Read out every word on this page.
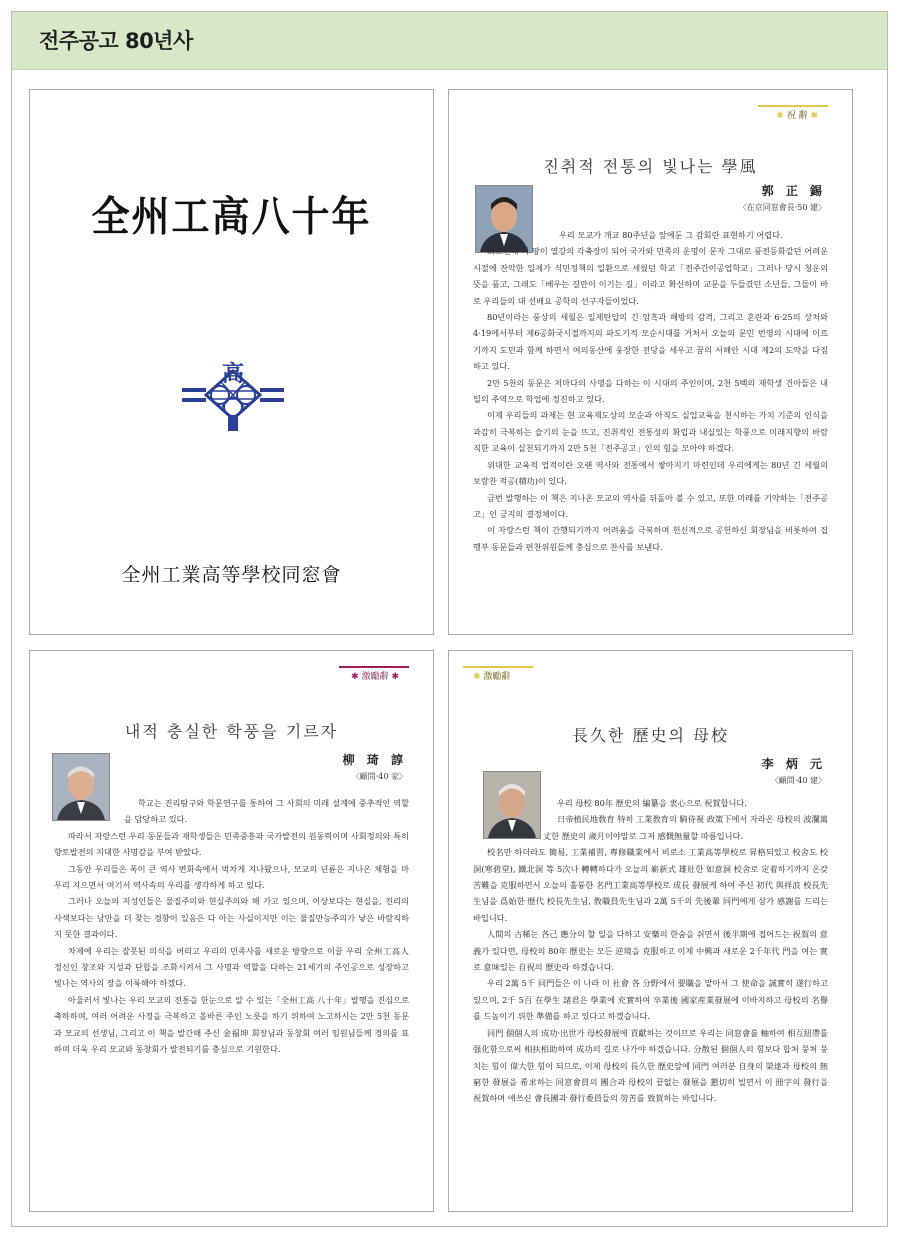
전주공고 80년사
全州工高八十年
高
全州工業高等學校同窓會
✱ 祝 辭 ✱
진취적 전통의 빛나는 學風
郭 正 錫
〈在京同窓會長·50 建〉

우리 모교가 개교 80주년을 앞에둔 그 감회란 표현하기 어렵다.

회고컨대 이 땅이 열강의 각축장이 되어 국가와 민족의 운명이 문자 그대로 풍전등화같던 어려운 시절에 잔악한 일제가 식민정책의 일환으로 세웠던 학교「전주간이공업학교」그러나 당시 청운의 뜻을 품고, 그래도「배우는 길만이 이기는 길」이라고 확신하며 교문을 두들겼던 소년들, 그들이 바로 우리들의 대 선배요 공학의 선구자들이었다.

80년이라는 풍상의 세월은 일제탄압의 긴 암흑과 해방의 감격, 그리고 혼란과 6·25의 상처와 4·19에서부터 제6공화국시절까지의 파도기적 모순시대를 거쳐서 오늘의 문민 번영의 시대에 이르기까지 도민과 함께 하면서 여의동산에 웅장한 전당을 세우고 꿈의 서해안 시대 제2의 도약을 다짐하고 있다.

2만 5천의 동문은 저마다의 사명을 다하는 이 시대의 주인이며, 2천 5백의 재학생 건아들은 내일의 주역으로 학업에 정진하고 있다.

이제 우리들의 과제는 현 교육제도상의 모순과 아직도 실업교육을 천시하는 가치 기준의 인식을 과감히 극복하는 슬기의 눈을 뜨고, 진취적인 전통성의 확립과 내실있는 학풍으로 미래지향의 바람직한 교육이 실천되기까지 2만 5천「전주공고」인의 힘을 모아야 하겠다.

위대한 교육적 업적이란 오랜 역사와 전통에서 쌓아지기 마련인데 우리에게는 80년 긴 세월의 보람찬 적공(積功)이 있다.

금번 발행하는 이 책은 지나온 모교의 역사를 뒤돌아 볼 수 있고, 또한 미래를 기약하는「전주공고」인 긍지의 결정체이다.

이 자랑스런 책이 간행되기까지 어려움을 극복하며 헌신적으로 공헌하신 회장님을 비롯하여 집행부 동문들과 편찬위원들께 충심으로 찬사를 보낸다.

✱ 激勵辭 ✱
내적 충실한 학풍을 기르자
柳 琦 諄
〈顧問·40 家〉

학교는 진리탐구와 학문연구를 통하여 그 사회의 미래 설계에 중추적인 역할을 담당하고 있다.

따라서 자랑스런 우리 동문들과 재학생들은 민족중흥과 국가발전의 원동력이며 사회정의와 특히 향토발전의 지대한 사명감을 부여 받았다.

그동안 우리들은 폭이 큰 역사 변화속에서 벅차게 지나왔으나, 모교의 년륜은 지나온 체험을 마무리 지으면서 여기서 역사속의 우리를 생각하게 하고 있다.

그러나 오늘의 지성인들은 물질주의와 현실주의와 해 가고 있으며, 이상보다는 현실을, 진리의 사색보다는 낭만을 더 찾는 경향이 있음은 다 아는 사실이지만 이는 물질만능주의가 낳은 바람직하지 못한 결과이다.

차제에 우리는 잘못된 의식을 버리고 우리의 민족사를 새로운 방향으로 이끌 우리 全州工高人 정신인 창조와 지성과 단합을 조화시켜서 그 사명과 역할을 다하는 21세기의 주인공으로 성장하고 빛나는 역사의 장을 이룩해야 하겠다.

아울러서 빛나는 우리 모교의 전통을 한눈으로 알 수 있는「全州工高 八十年」발행을 진심으로 축하하며, 여러 어려운 사정을 극복하고 올바른 주인 노릇을 하기 위하여 노고하시는 2만 5천 동문과 모교의 선생님, 그리고 이 책을 발간해 주신 金福坤 회장님과 동창회 여러 임원님들께 경의를 표하며 더욱 우리 모교와 동창회가 발전되기를 충심으로 기원한다.

✱ 激勵辭
長久한 歷史의 母校
李 炳 元
〈顧問·40 建〉

우리 母校 80年 歷史의 編纂을 衷心으로 祝賀합니다.

日帝植民地敎育 特히 工業敎育의 騎侍視 政策下에서 자라온 母校의 波瀾萬丈한 歷史의 歲月이야말로 그저 感慨無量할 따름입니다.

校名만 하더라도 簡易, 工業補習, 專修職業에서 비로소 工業高等學校로 昇格되었고 校舍도 校洞(寒碧堂), 鐵北洞 等 5次나 轉轉하다가 오늘의 嶄新式 雄壯한 如意洞 校舍로 定着하기까지 온갖 苦難을 克服하면서 오늘의 훌륭한 名門工業高等學校로 成長 發展케 하여 주신 初代 與祥浪 校長先生님을 爲始한 歷代 校長先生님, 敎職員先生님과 2萬 5千의 先後輩 同門에게 삼가 感謝를 드리는 바입니다.

人間의 古稀는 各己 應分의 할 일을 다하고 安樂의 한숨을 쉬면서 後半期에 접어드는 祝賀의 意義가 있다면, 母校의 80年 歷史는 모든 逆境을 克服하고 이제 中興과 새로운 2千年代 門을 여는 實로 意味있는 自祝의 歷史라 하겠습니다.

우리 2萬 5千 同門들은 이 나라 이 社會 各 分野에서 要職을 맡아서 그 使命을 誠實히 遂行하고 있으며, 2千 5百 在學生 諸君은 學業에 充實하여 卒業後 國家産業發展에 이바지하고 母校의 名譽를 드높이기 위한 準備를 하고 있다고 하겠습니다.

同門 個個人의 成功·出世가 母校發展에 貢獻하는 것이므로 우리는 同窓會를 軸하여 相互紐帶를 强化함으로써 相扶相助하여 成功의 길로 나가야 하겠습니다. 分散된 個個人의 힘보다 합쳐 뭉쳐 뭉치는 힘이 偉大한 힘이 되므로, 이제 母校의 長久한 歷史앞에 同門 여러분 自身의 榮達과 母校의 無窮한 發展을 希求하는 同窓會員의 團合과 母校의 끝없는 發展을 懇切히 빌면서 이 冊字의 發行을 祝賀하며 애쓰신 會長團과 發行委員들의 勞苦를 致賀하는 바입니다.
